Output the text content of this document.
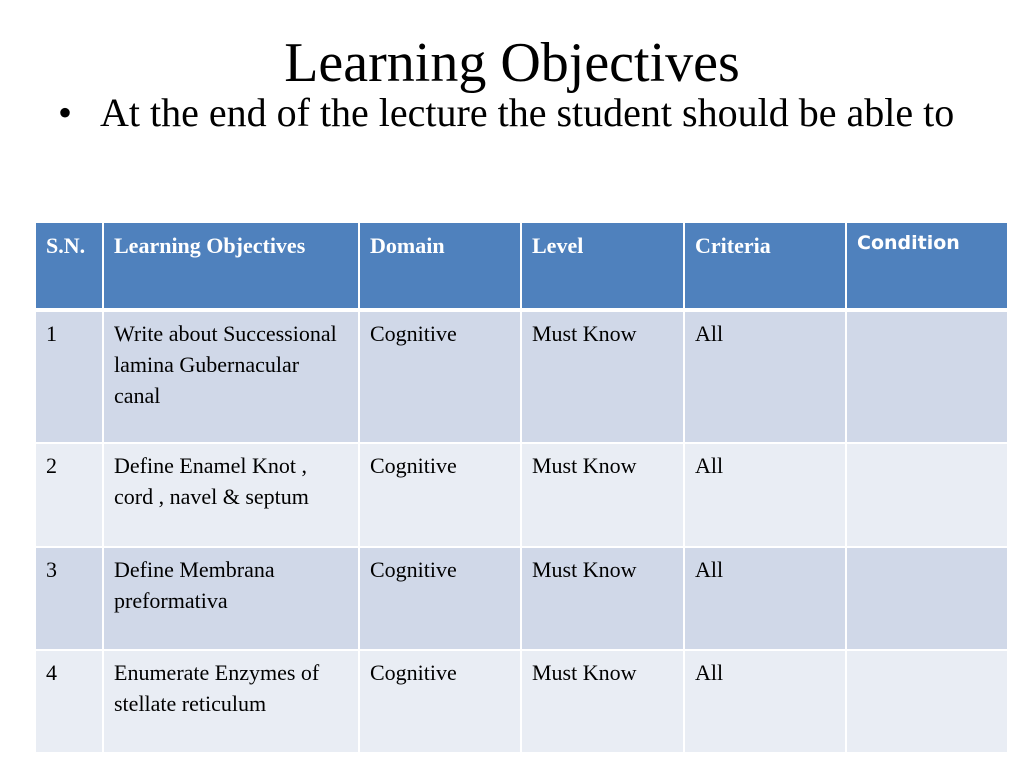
Learning Objectives
• At the end of the lecture the student should be able to
S.N.	Learning Objectives	Domain	Level	Criteria	Condition
1	Write about Successional lamina Gubernacular canal	Cognitive	Must Know	All	
2	Define Enamel Knot , cord , navel & septum	Cognitive	Must Know	All	
3	Define Membrana preformativa	Cognitive	Must Know	All	
4	Enumerate Enzymes of stellate reticulum	Cognitive	Must Know	All	
